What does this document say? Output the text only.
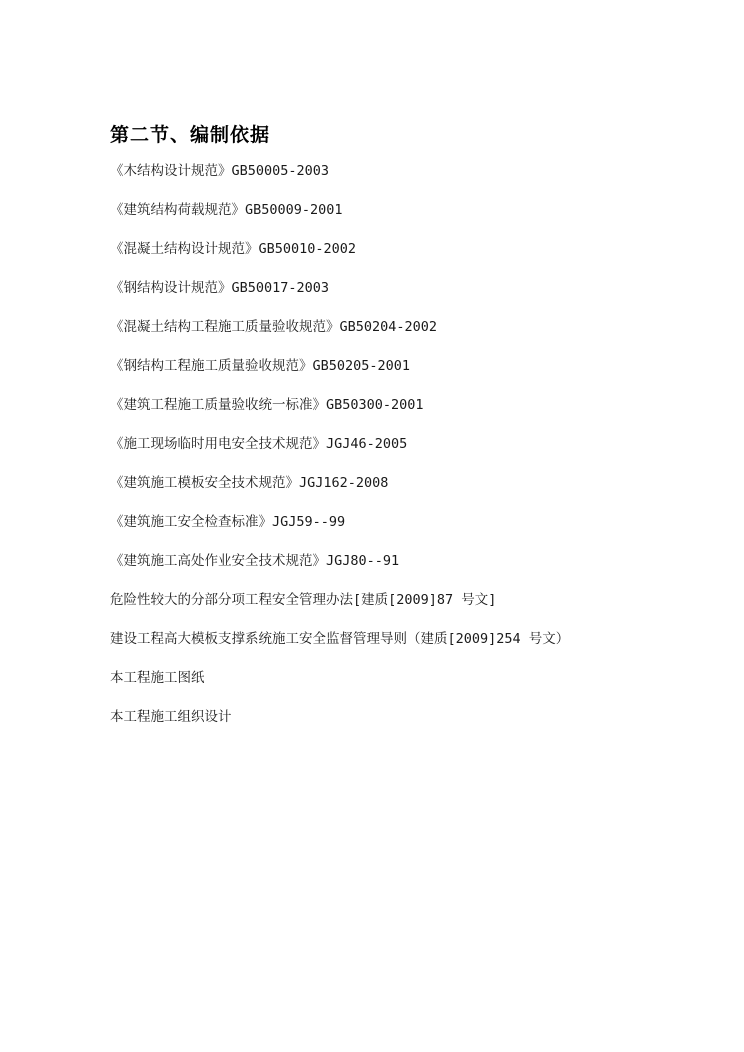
第二节、编制依据
《木结构设计规范》GB50005-2003
《建筑结构荷载规范》GB50009-2001
《混凝土结构设计规范》GB50010-2002
《钢结构设计规范》GB50017-2003
《混凝土结构工程施工质量验收规范》GB50204-2002
《钢结构工程施工质量验收规范》GB50205-2001
《建筑工程施工质量验收统一标准》GB50300-2001
《施工现场临时用电安全技术规范》JGJ46-2005
《建筑施工模板安全技术规范》JGJ162-2008
《建筑施工安全检查标准》JGJ59--99
《建筑施工高处作业安全技术规范》JGJ80--91
危险性较大的分部分项工程安全管理办法[建质[2009]87 号文]
建设工程高大模板支撑系统施工安全监督管理导则（建质[2009]254 号文）
本工程施工图纸
本工程施工组织设计
